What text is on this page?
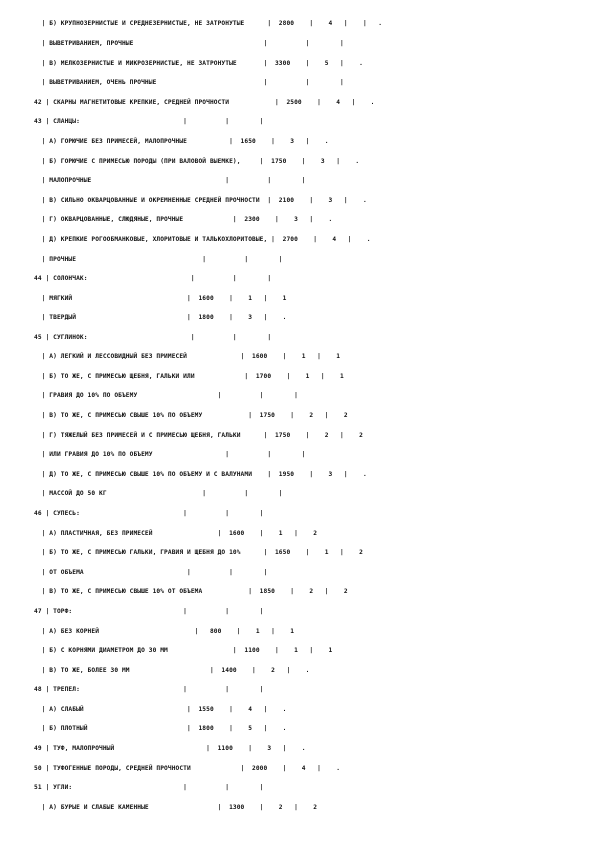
| Б) КРУПНОЗЕРНИСТЫЕ И СРЕДНЕЗЕРНИСТЫЕ, НЕ ЗАТРОНУТЫЕ      |  2800    |    4   |    |   .
| ВЫВЕТРИВАНИЕМ, ПРОЧНЫЕ                                  |          |        |
| В) МЕЛКОЗЕРНИСТЫЕ И МИКРОЗЕРНИСТЫЕ, НЕ ЗАТРОНУТЫЕ       |  3300    |    5   |    .
| ВЫВЕТРИВАНИЕМ, ОЧЕНЬ ПРОЧНЫЕ                            |          |        |
42 | СКАРНЫ МАГНЕТИТОВЫЕ КРЕПКИЕ, СРЕДНЕЙ ПРОЧНОСТИ            |  2500    |    4   |    .
43 | СЛАНЦЫ:                           |          |        |
| А) ГОРЮЧИЕ БЕЗ ПРИМЕСЕЙ, МАЛОПРОЧНЫЕ           |  1650    |    3   |    .
| Б) ГОРЮЧИЕ С ПРИМЕСЬЮ ПОРОДЫ (ПРИ ВАЛОВОЙ ВЫЕМКЕ),     |  1750    |    3   |    .
| МАЛОПРОЧНЫЕ                                   |          |        |
| В) СИЛЬНО ОКВАРЦОВАННЫЕ И ОКРЕМНЕННЫЕ СРЕДНЕЙ ПРОЧНОСТИ  |  2100    |    3   |    .
| Г) ОКВАРЦОВАННЫЕ, СЛЮДЯНЫЕ, ПРОЧНЫЕ             |  2300    |    3   |    .
| Д) КРЕПКИЕ РОГООБМАНКОВЫЕ, ХЛОРИТОВЫЕ И ТАЛЬКОХЛОРИТОВЫЕ, |  2700    |    4   |    .
| ПРОЧНЫЕ                                 |          |        |
44 | СОЛОНЧАК:                           |          |        |
| МЯГКИЙ                              |  1600    |    1   |    1
| ТВЕРДЫЙ                             |  1800    |    3   |    .
45 | СУГЛИНОК:                           |          |        |
| А) ЛЕГКИЙ И ЛЕССОВИДНЫЙ БЕЗ ПРИМЕСЕЙ              |  1600    |    1   |    1
| Б) ТО ЖЕ, С ПРИМЕСЬЮ ЩЕБНЯ, ГАЛЬКИ ИЛИ             |  1700    |    1   |    1
| ГРАВИЯ ДО 10% ПО ОБЪЕМУ                     |          |        |
| В) ТО ЖЕ, С ПРИМЕСЬЮ СВЫШЕ 10% ПО ОБЪЕМУ            |  1750    |    2   |    2
| Г) ТЯЖЕЛЫЙ БЕЗ ПРИМЕСЕЙ И С ПРИМЕСЬЮ ЩЕБНЯ, ГАЛЬКИ      |  1750    |    2   |    2
| ИЛИ ГРАВИЯ ДО 10% ПО ОБЪЕМУ                   |          |        |
| Д) ТО ЖЕ, С ПРИМЕСЬЮ СВЫШЕ 10% ПО ОБЪЕМУ И С ВАЛУНАМИ    |  1950    |    3   |    .
| МАССОЙ ДО 50 КГ                         |          |        |
46 | СУПЕСЬ:                           |          |        |
| А) ПЛАСТИЧНАЯ, БЕЗ ПРИМЕСЕЙ                 |  1600    |    1   |    2
| Б) ТО ЖЕ, С ПРИМЕСЬЮ ГАЛЬКИ, ГРАВИЯ И ЩЕБНЯ ДО 10%      |  1650    |    1   |    2
| ОТ ОБЪЕМА                           |          |        |
| В) ТО ЖЕ, С ПРИМЕСЬЮ СВЫШЕ 10% ОТ ОБЪЕМА            |  1850    |    2   |    2
47 | ТОРФ:                             |          |        |
| А) БЕЗ КОРНЕЙ                         |   800    |    1   |    1
| Б) С КОРНЯМИ ДИАМЕТРОМ ДО 30 ММ                 |  1100    |    1   |    1
| В) ТО ЖЕ, БОЛЕЕ 30 ММ                     |  1400    |    2   |    .
48 | ТРЕПЕЛ:                           |          |        |
| А) СЛАБЫЙ                           |  1550    |    4   |    .
| Б) ПЛОТНЫЙ                          |  1800    |    5   |    .
49 | ТУФ, МАЛОПРОЧНЫЙ                        |  1100    |    3   |    .
50 | ТУФОГЕННЫЕ ПОРОДЫ, СРЕДНЕЙ ПРОЧНОСТИ             |  2000    |    4   |    .
51 | УГЛИ:                             |          |        |
| А) БУРЫЕ И СЛАБЫЕ КАМЕННЫЕ                  |  1300    |    2   |    2
